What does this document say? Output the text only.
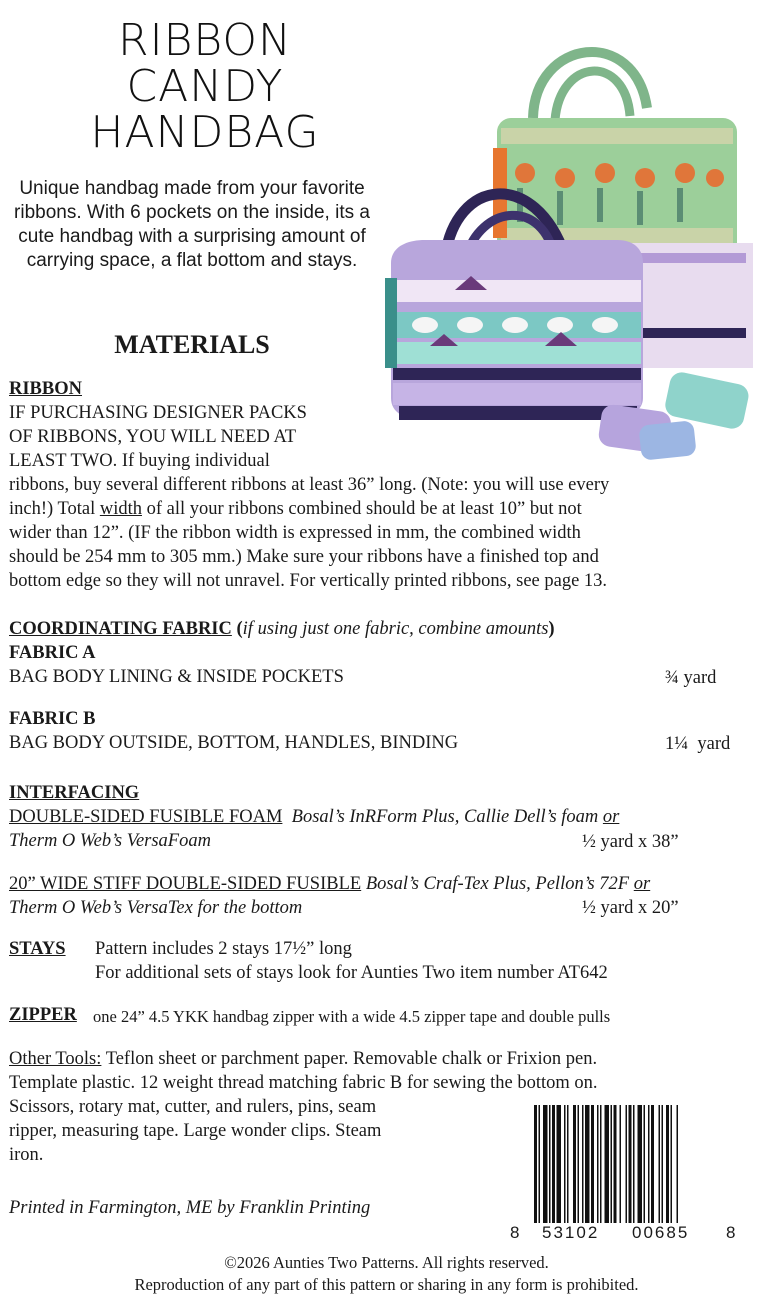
RIBBON
CANDY
HANDBAG
Unique handbag made from your favorite ribbons. With 6 pockets on the inside, its a cute handbag with a surprising amount of carrying space, a flat bottom and stays.
MATERIALS
RIBBON
IF PURCHASING DESIGNER PACKS
OF RIBBONS, YOU WILL NEED AT
LEAST TWO. If buying individual
ribbons, buy several different ribbons at least 36” long. (Note: you will use every
inch!) Total width of all your ribbons combined should be at least 10” but not
wider than 12”. (IF the ribbon width is expressed in mm, the combined width
should be 254 mm to 305 mm.) Make sure your ribbons have a finished top and
bottom edge so they will not unravel. For vertically printed ribbons, see page 13.
COORDINATING FABRIC (if using just one fabric, combine amounts)
FABRIC A
BAG BODY LINING & INSIDE POCKETS	¾ yard
FABRIC B
BAG BODY OUTSIDE, BOTTOM, HANDLES, BINDING	1¼  yard
INTERFACING
DOUBLE-SIDED FUSIBLE FOAM Bosal’s InRForm Plus, Callie Dell’s foam or
Therm O Web’s VersaFoam	½ yard x 38”
20” WIDE STIFF DOUBLE-SIDED FUSIBLE Bosal’s Craf-Tex Plus, Pellon’s 72F or
Therm O Web’s VersaTex for the bottom	½ yard x 20”
STAYS Pattern includes 2 stays 17½” long
For additional sets of stays look for Aunties Two item number AT642
ZIPPER one 24” 4.5 YKK handbag zipper with a wide 4.5 zipper tape and double pulls
Other Tools: Teflon sheet or parchment paper. Removable chalk or Frixion pen.
Template plastic. 12 weight thread matching fabric B for sewing the bottom on.
Scissors, rotary mat, cutter, and rulers, pins, seam
ripper, measuring tape. Large wonder clips. Steam
iron.
Printed in Farmington, ME by Franklin Printing
8 53102 00685 8
©2026 Aunties Two Patterns. All rights reserved.
Reproduction of any part of this pattern or sharing in any form is prohibited.
